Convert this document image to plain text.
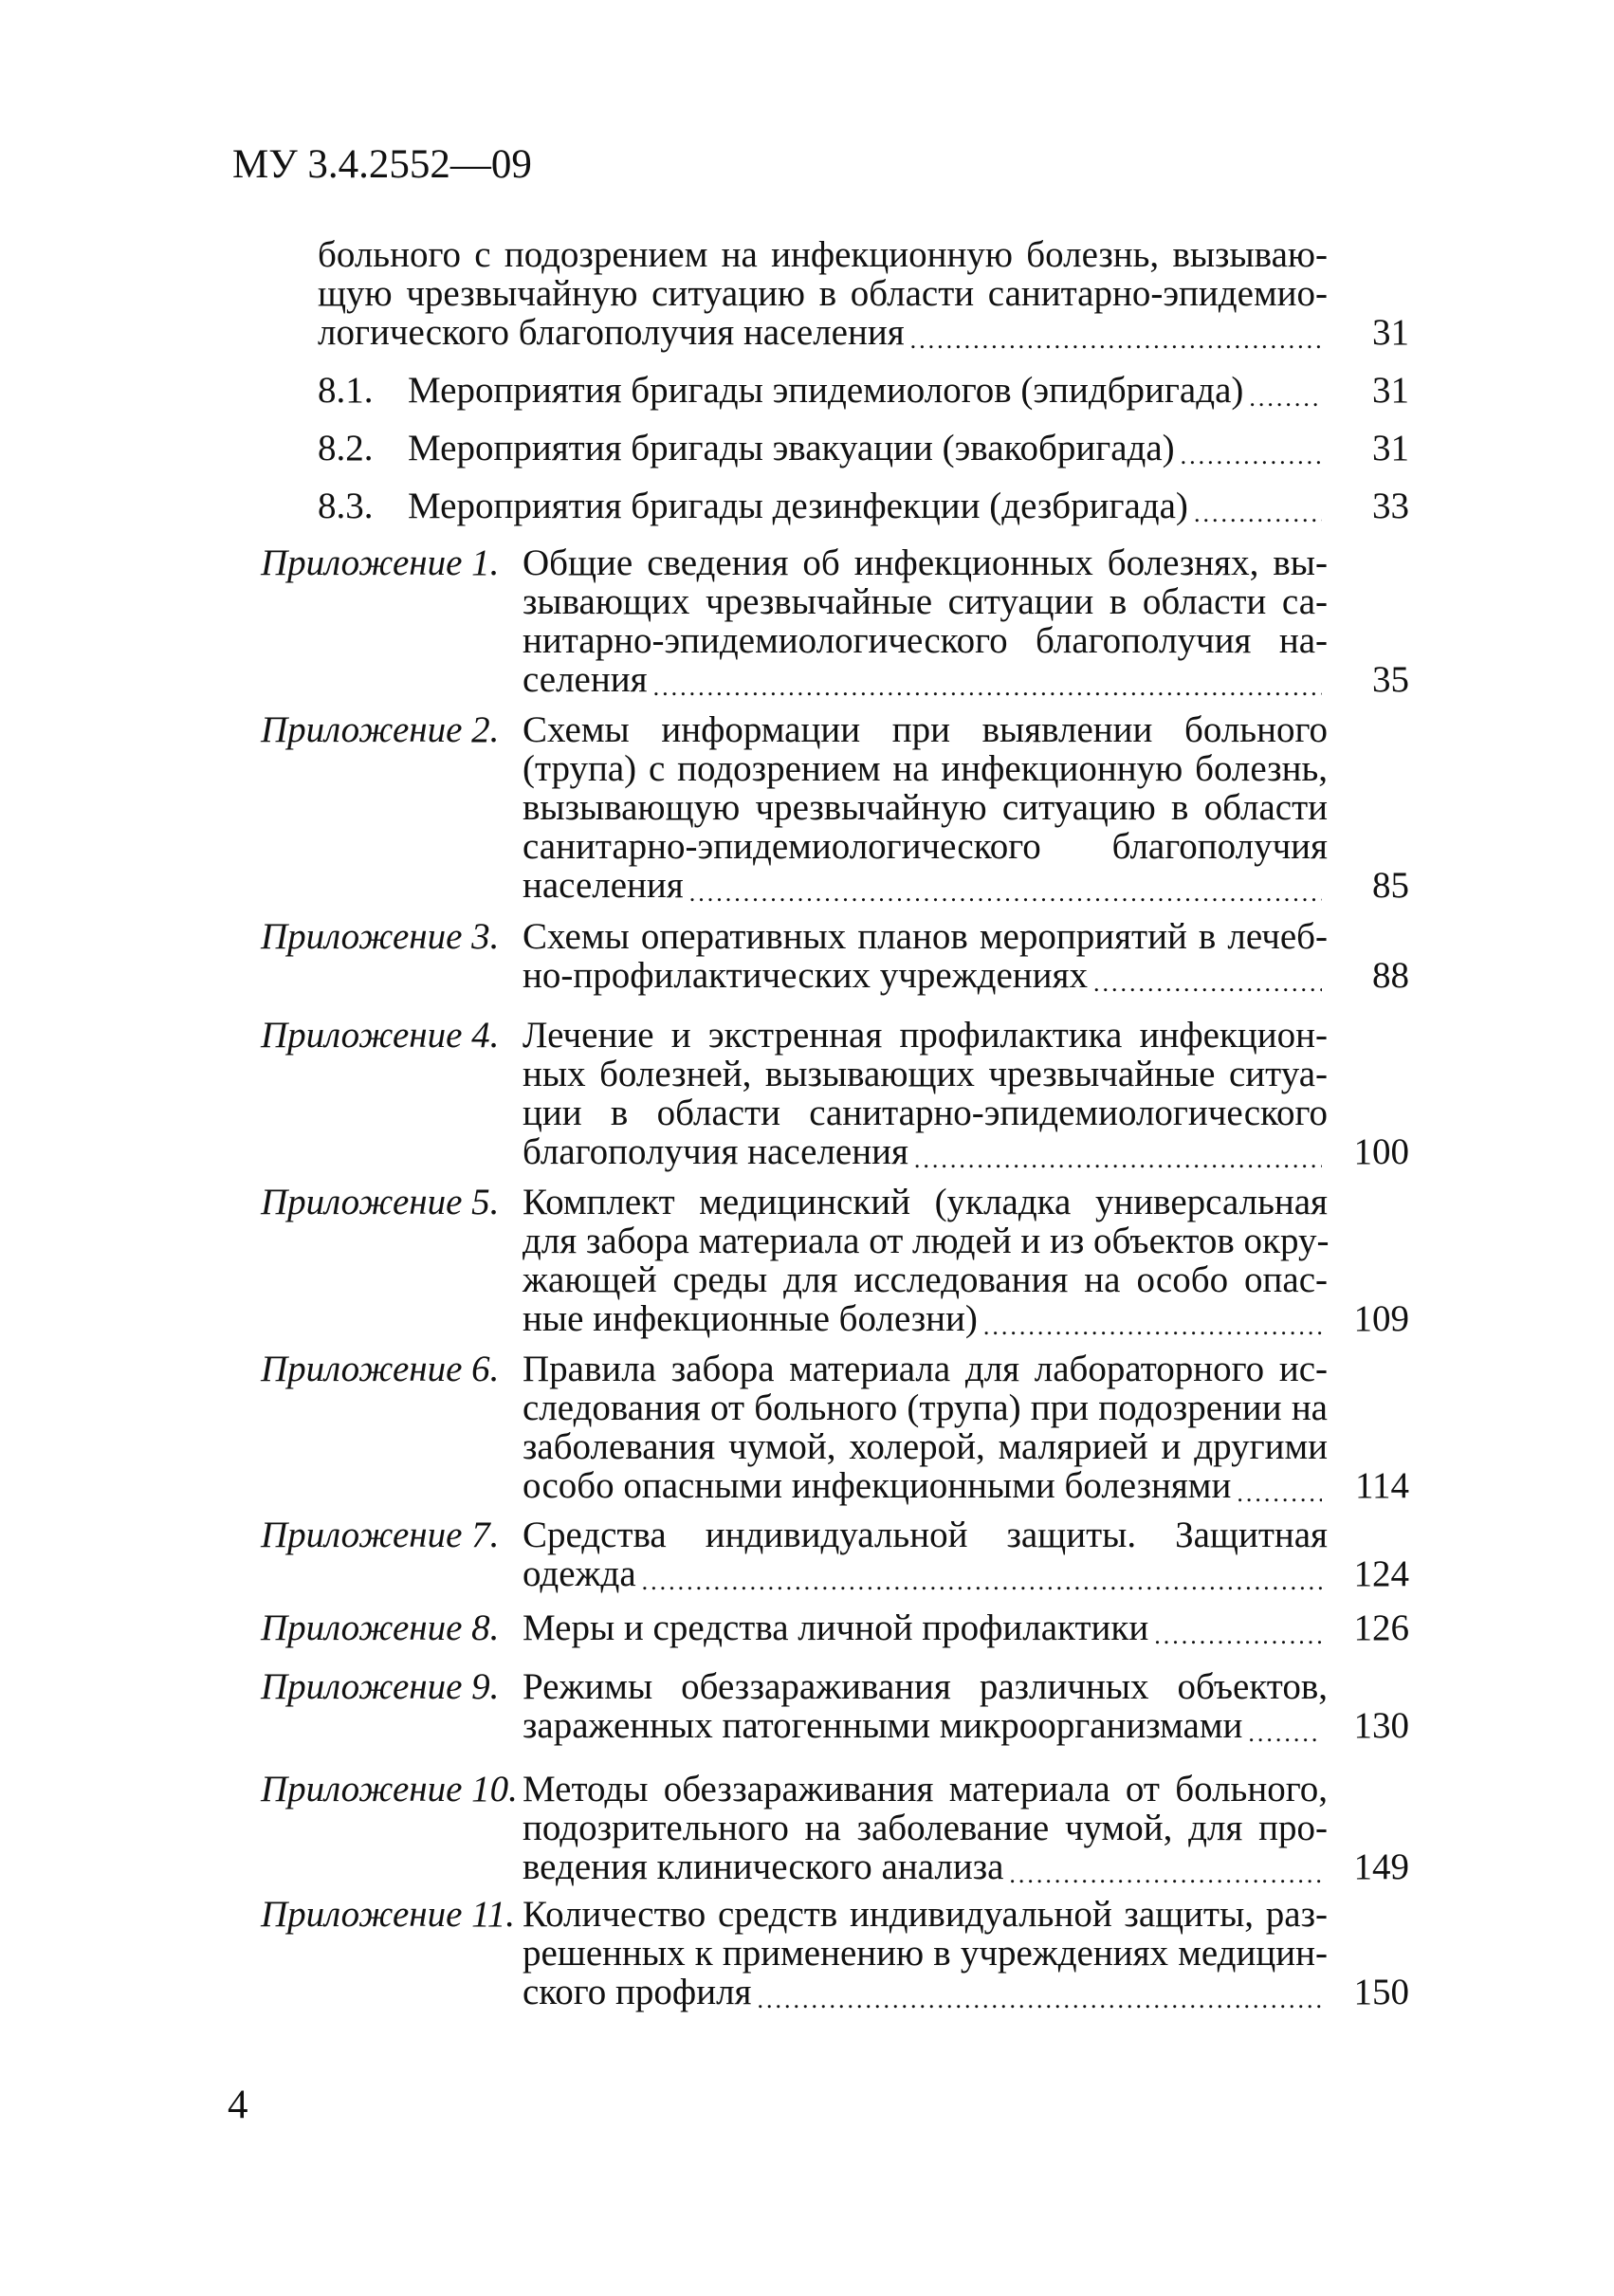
МУ 3.4.2552—09
больного с подозрением на инфекционную болезнь, вызываю-
щую чрезвычайную ситуацию в области санитарно-эпидемио-
логического благополучия населения .....	31
8.1. Мероприятия бригады эпидемиологов (эпидбригада) .....	31
8.2. Мероприятия бригады эвакуации (эвакобригада) .....	31
8.3. Мероприятия бригады дезинфекции (дезбригада) .....	33
Приложение 1. Общие сведения об инфекционных болезнях, вы-
зывающих чрезвычайные ситуации в области са-
нитарно-эпидемиологического благополучия на-
селения .....	35
Приложение 2. Схемы информации при выявлении больного
(трупа) с подозрением на инфекционную болезнь,
вызывающую чрезвычайную ситуацию в области
санитарно-эпидемиологического благополучия
населения .....	85
Приложение 3. Схемы оперативных планов мероприятий в лечеб-
но-профилактических учреждениях .....	88
Приложение 4. Лечение и экстренная профилактика инфекцион-
ных болезней, вызывающих чрезвычайные ситуа-
ции в области санитарно-эпидемиологического
благополучия населения .....	100
Приложение 5. Комплект медицинский (укладка универсальная
для забора материала от людей и из объектов окру-
жающей среды для исследования на особо опас-
ные инфекционные болезни) .....	109
Приложение 6. Правила забора материала для лабораторного ис-
следования от больного (трупа) при подозрении на
заболевания чумой, холерой, малярией и другими
особо опасными инфекционными болезнями .....	114
Приложение 7. Средства индивидуальной защиты. Защитная
одежда .....	124
Приложение 8. Меры и средства личной профилактики .....	126
Приложение 9. Режимы обеззараживания различных объектов,
зараженных патогенными микроорганизмами .....	130
Приложение 10. Методы обеззараживания материала от больного,
подозрительного на заболевание чумой, для про-
ведения клинического анализа .....	149
Приложение 11. Количество средств индивидуальной защиты, раз-
решенных к применению в учреждениях медицин-
ского профиля .....	150
4
